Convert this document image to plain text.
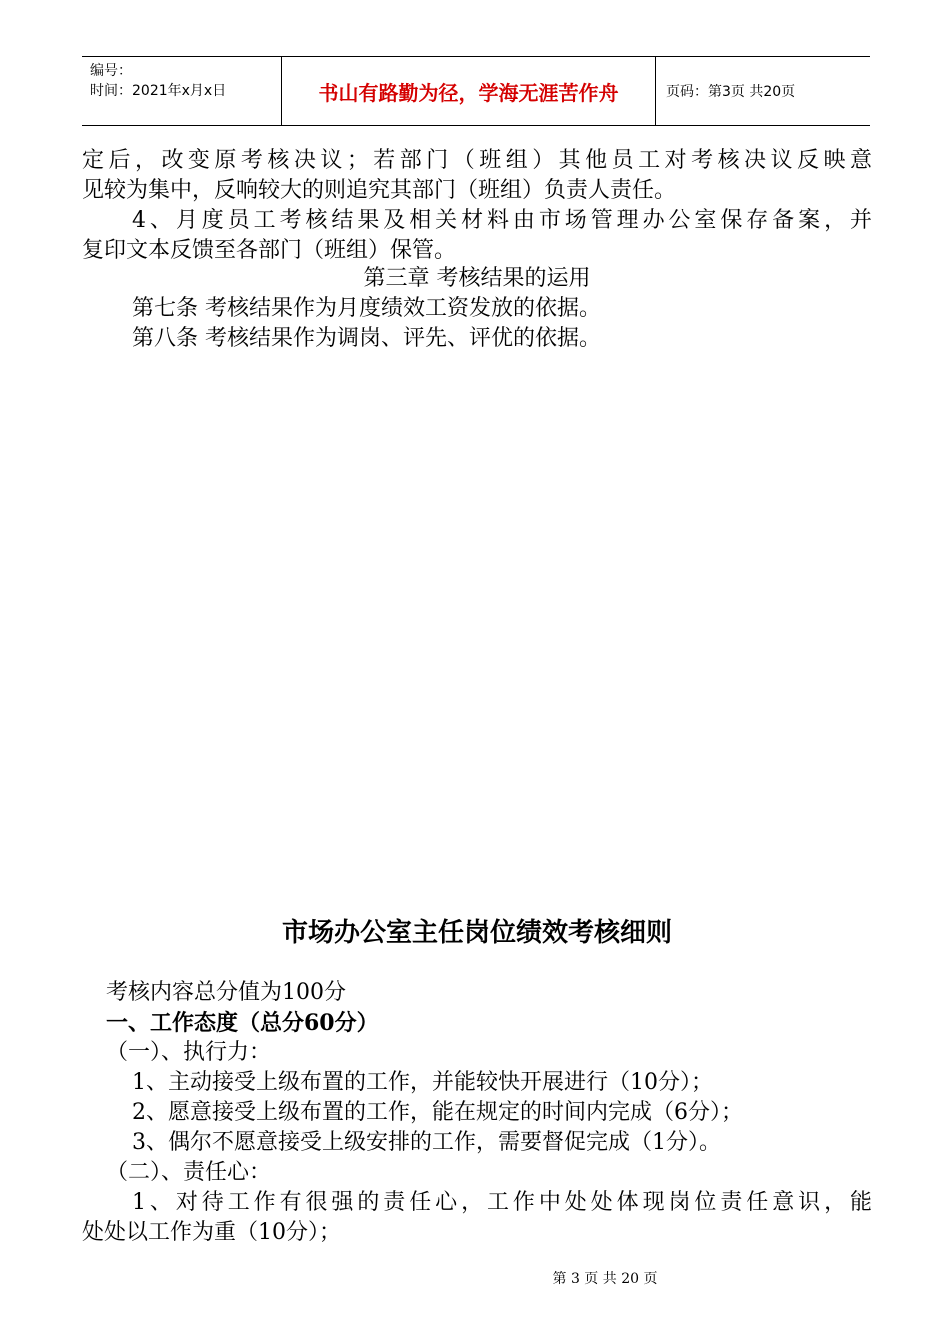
编号：
时间：2021年x月x日	书山有路勤为径，学海无涯苦作舟	页码：第3页 共20页
定后，改变原考核决议；若部门（班组）其他员工对考核决议反映意
见较为集中，反响较大的则追究其部门（班组）负责人责任。
4、月度员工考核结果及相关材料由市场管理办公室保存备案，并
复印文本反馈至各部门（班组）保管。
第三章 考核结果的运用
第七条 考核结果作为月度绩效工资发放的依据。
第八条 考核结果作为调岗、评先、评优的依据。
市场办公室主任岗位绩效考核细则
考核内容总分值为100分
一、工作态度（总分60分）
（一）、执行力：
1、主动接受上级布置的工作，并能较快开展进行（10分）；
2、愿意接受上级布置的工作，能在规定的时间内完成（6分）；
3、偶尔不愿意接受上级安排的工作，需要督促完成（1分）。
（二）、责任心：
1、对待工作有很强的责任心，工作中处处体现岗位责任意识，能
处处以工作为重（10分）；
第 3 页 共 20 页
